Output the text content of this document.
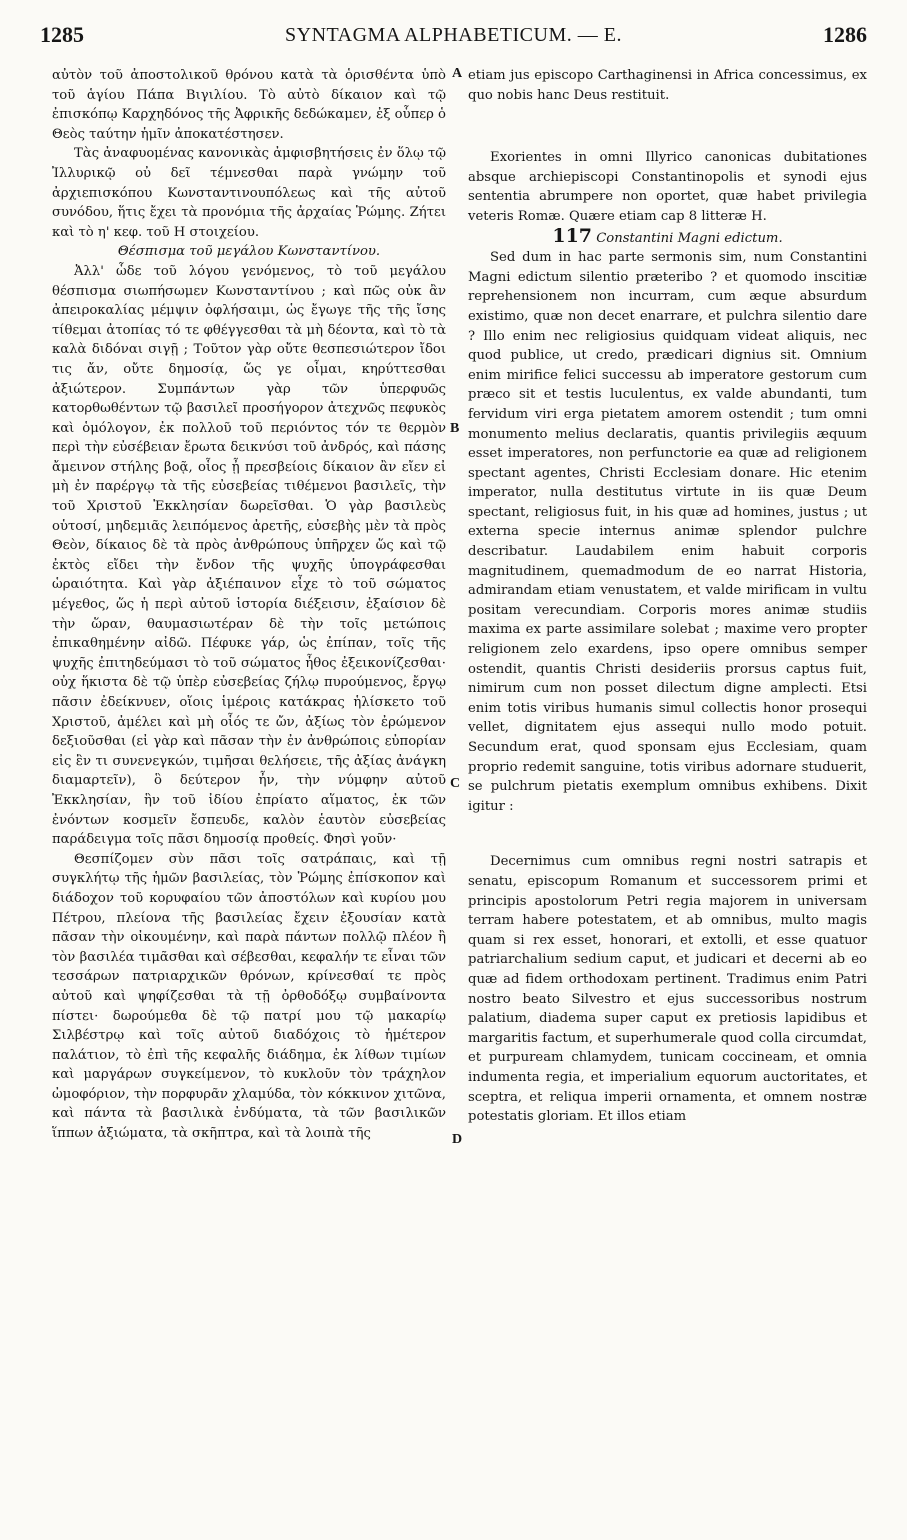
1285	SYNTAGMA ALPHABETICUM. — E.	1286
A
B
C
D

αὐτὸν τοῦ ἀποστολικοῦ θρόνου κατὰ τὰ ὁρισθέντα ὑπὸ τοῦ ἁγίου Πάπα Βιγιλίου. Τὸ αὐτὸ δίκαιον καὶ τῷ ἐπισκόπῳ Καρχηδόνος τῆς Ἀφρικῆς δεδώκαμεν, ἐξ οὗπερ ὁ Θεὸς ταύτην ἡμῖν ἀποκατέστησεν.

Τὰς ἀναφυομένας κανονικὰς ἀμφισβητήσεις ἐν ὅλῳ τῷ Ἰλλυρικῷ οὐ δεῖ τέμνεσθαι παρὰ γνώμην τοῦ ἀρχιεπισκόπου Κωνσταντινουπόλεως καὶ τῆς αὐτοῦ συνόδου, ἥτις ἔχει τὰ προνόμια τῆς ἀρχαίας Ῥώμης. Ζήτει καὶ τὸ η' κεφ. τοῦ Η στοιχείου.

Θέσπισμα τοῦ μεγάλου Κωνσταντίνου.

Ἀλλ' ὧδε τοῦ λόγου γενόμενος, τὸ τοῦ μεγάλου θέσπισμα σιωπήσωμεν Κωνσταντίνου ; καὶ πῶς οὐκ ἂν ἀπειροκαλίας μέμψιν ὀφλήσαιμι, ὡς ἔγωγε τῆς τῆς ἴσης τίθεμαι ἀτοπίας τό τε φθέγγεσθαι τὰ μὴ δέοντα, καὶ τὸ τὰ καλὰ διδόναι σιγῇ ; Τοῦτον γὰρ οὔτε θεσπεσιώτερον ἴδοι τις ἄν, οὔτε δημοσίᾳ, ὥς γε οἶμαι, κηρύττεσθαι ἀξιώτερον. Συμπάντων γὰρ τῶν ὑπερφυῶς κατορθωθέντων τῷ βασιλεῖ προσήγορον ἀτεχνῶς πεφυκὸς καὶ ὁμόλογον, ἐκ πολλοῦ τοῦ περιόντος τόν τε θερμὸν περὶ τὴν εὐσέβειαν ἔρωτα δεικνύσι τοῦ ἀνδρός, καὶ πάσης ἄμεινον στήλης βοᾷ, οἷος ᾖ πρεσβείοις δίκαιον ἂν εἴεν εἰ μὴ ἐν παρέργῳ τὰ τῆς εὐσεβείας τιθέμενοι βασιλεῖς, τὴν τοῦ Χριστοῦ Ἐκκλησίαν δωρεῖσθαι. Ὁ γὰρ βασιλεὺς οὑτοσί, μηδεμιᾶς λειπόμενος ἀρετῆς, εὐσεβὴς μὲν τὰ πρὸς Θεὸν, δίκαιος δὲ τὰ πρὸς ἀνθρώπους ὑπῆρχεν ὥς καὶ τῷ ἐκτὸς εἴδει τὴν ἔνδον τῆς ψυχῆς ὑπογράφεσθαι ὡραιότητα. Καὶ γὰρ ἀξιέπαινον εἶχε τὸ τοῦ σώματος μέγεθος, ὥς ἡ περὶ αὐτοῦ ἱστορία διέξεισιν, ἐξαίσιον δὲ τὴν ὥραν, θαυμασιωτέραν δὲ τὴν τοῖς μετώποις ἐπικαθημένην αἰδῶ. Πέφυκε γάρ, ὡς ἐπίπαν, τοῖς τῆς ψυχῆς ἐπιτηδεύμασι τὸ τοῦ σώματος ἦθος ἐξεικονίζεσθαι· οὐχ ἥκιστα δὲ τῷ ὑπὲρ εὐσεβείας ζήλῳ πυρούμενος, ἔργῳ πᾶσιν ἐδείκνυεν, οἵοις ἱμέροις κατάκρας ἡλίσκετο τοῦ Χριστοῦ, ἀμέλει καὶ μὴ οἷός τε ὤν, ἀξίως τὸν ἐρώμενον δεξιοῦσθαι (εἰ γὰρ καὶ πᾶσαν τὴν ἐν ἀνθρώποις εὐπορίαν εἰς ἓν τι συνενεγκών, τιμῆσαι θελήσειε, τῆς ἀξίας ἀνάγκη διαμαρτεῖν), ὃ δεύτερον ἦν, τὴν νύμφην αὐτοῦ Ἐκκλησίαν, ἣν τοῦ ἰδίου ἐπρίατο αἵματος, ἐκ τῶν ἐνόντων κοσμεῖν ἔσπευδε, καλὸν ἑαυτὸν εὐσεβείας παράδειγμα τοῖς πᾶσι δημοσίᾳ προθείς. Φησὶ γοῦν·

Θεσπίζομεν σὺν πᾶσι τοῖς σατράπαις, καὶ τῇ συγκλήτῳ τῆς ἡμῶν βασιλείας, τὸν Ῥώμης ἐπίσκοπον καὶ διάδοχον τοῦ κορυφαίου τῶν ἀποστόλων καὶ κυρίου μου Πέτρου, πλείονα τῆς βασιλείας ἔχειν ἐξουσίαν κατὰ πᾶσαν τὴν οἰκουμένην, καὶ παρὰ πάντων πολλῷ πλέον ἢ τὸν βασιλέα τιμᾶσθαι καὶ σέβεσθαι, κεφαλήν τε εἶναι τῶν τεσσάρων πατριαρχικῶν θρόνων, κρίνεσθαί τε πρὸς αὐτοῦ καὶ ψηφίζεσθαι τὰ τῇ ὀρθοδόξῳ συμβαίνοντα πίστει· δωρούμεθα δὲ τῷ πατρί μου τῷ μακαρίῳ Σιλβέστρῳ καὶ τοῖς αὐτοῦ διαδόχοις τὸ ἡμέτερον παλάτιον, τὸ ἐπὶ τῆς κεφαλῆς διάδημα, ἐκ λίθων τιμίων καὶ μαργάρων συγκείμενον, τὸ κυκλοῦν τὸν τράχηλον ὠμοφόριον, τὴν πορφυρᾶν χλαμύδα, τὸν κόκκινον χιτῶνα, καὶ πάντα τὰ βασιλικὰ ἐνδύματα, τὰ τῶν βασιλικῶν ἵππων ἀξιώματα, τὰ σκῆπτρα, καὶ τὰ λοιπὰ τῆς

etiam jus episcopo Carthaginensi in Africa concessimus, ex quo nobis hanc Deus restituit.

Exorientes in omni Illyrico canonicas dubitationes absque archiepiscopi Constantinopolis et synodi ejus sententia abrumpere non oportet, quæ habet privilegia veteris Romæ. Quære etiam cap 8 litteræ H.

117 Constantini Magni edictum.

Sed dum in hac parte sermonis sim, num Constantini Magni edictum silentio præteribo ? et quomodo inscitiæ reprehensionem non incurram, cum æque absurdum existimo, quæ non decet enarrare, et pulchra silentio dare ? Illo enim nec religiosius quidquam videat aliquis, nec quod publice, ut credo, prædicari dignius sit. Omnium enim mirifice felici successu ab imperatore gestorum cum præco sit et testis luculentus, ex valde abundanti, tum fervidum viri erga pietatem amorem ostendit ; tum omni monumento melius declaratis, quantis privilegiis æquum esset imperatores, non perfunctorie ea quæ ad religionem spectant agentes, Christi Ecclesiam donare. Hic etenim imperator, nulla destitutus virtute in iis quæ Deum spectant, religiosus fuit, in his quæ ad homines, justus ; ut externa specie internus animæ splendor pulchre describatur. Laudabilem enim habuit corporis magnitudinem, quemadmodum de eo narrat Historia, admirandam etiam venustatem, et valde mirificam in vultu positam verecundiam. Corporis mores animæ studiis maxima ex parte assimilare solebat ; maxime vero propter religionem zelo exardens, ipso opere omnibus semper ostendit, quantis Christi desideriis prorsus captus fuit, nimirum cum non posset dilectum digne amplecti. Etsi enim totis viribus humanis simul collectis honor prosequi vellet, dignitatem ejus assequi nullo modo potuit. Secundum erat, quod sponsam ejus Ecclesiam, quam proprio redemit sanguine, totis viribus adornare studuerit, se pulchrum pietatis exemplum omnibus exhibens. Dixit igitur :

Decernimus cum omnibus regni nostri satrapis et senatu, episcopum Romanum et successorem primi et principis apostolorum Petri regia majorem in universam terram habere potestatem, et ab omnibus, multo magis quam si rex esset, honorari, et extolli, et esse quatuor patriarchalium sedium caput, et judicari et decerni ab eo quæ ad fidem orthodoxam pertinent. Tradimus enim Patri nostro beato Silvestro et ejus successoribus nostrum palatium, diadema super caput ex pretiosis lapidibus et margaritis factum, et superhumerale quod colla circumdat, et purpuream chlamydem, tunicam coccineam, et omnia indumenta regia, et imperialium equorum auctoritates, et sceptra, et reliqua imperii ornamenta, et omnem nostræ potestatis gloriam. Et illos etiam
